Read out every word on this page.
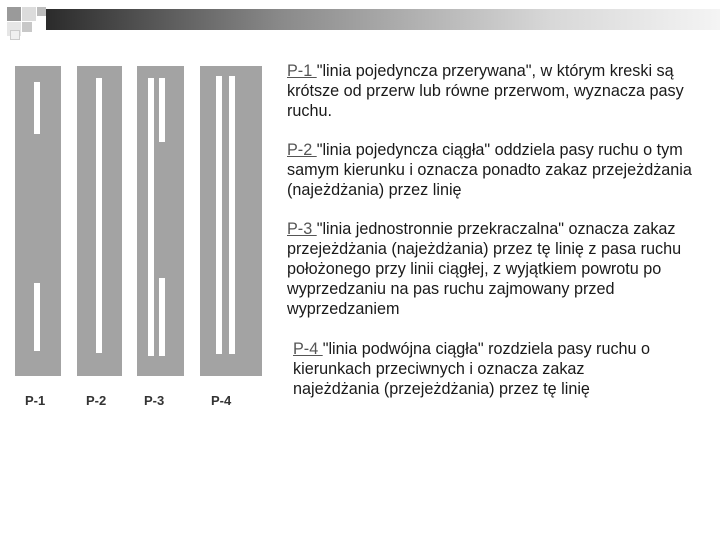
P-1	P-2	P-3	P-4
P-1 "linia pojedyncza przerywana", w którym kreski są krótsze od przerw lub równe przerwom, wyznacza pasy ruchu.
P-2 "linia pojedyncza ciągła" oddziela pasy ruchu o tym samym kierunku i oznacza ponadto zakaz przejeżdżania (najeżdżania) przez linię
P-3 "linia jednostronnie przekraczalna" oznacza zakaz przejeżdżania (najeżdżania) przez tę linię z pasa ruchu położonego przy linii ciągłej, z wyjątkiem powrotu po wyprzedzaniu na pas ruchu zajmowany przed wyprzedzaniem
P-4 "linia podwójna ciągła" rozdziela pasy ruchu o kierunkach przeciwnych i oznacza zakaz najeżdżania (przejeżdżania) przez tę linię
